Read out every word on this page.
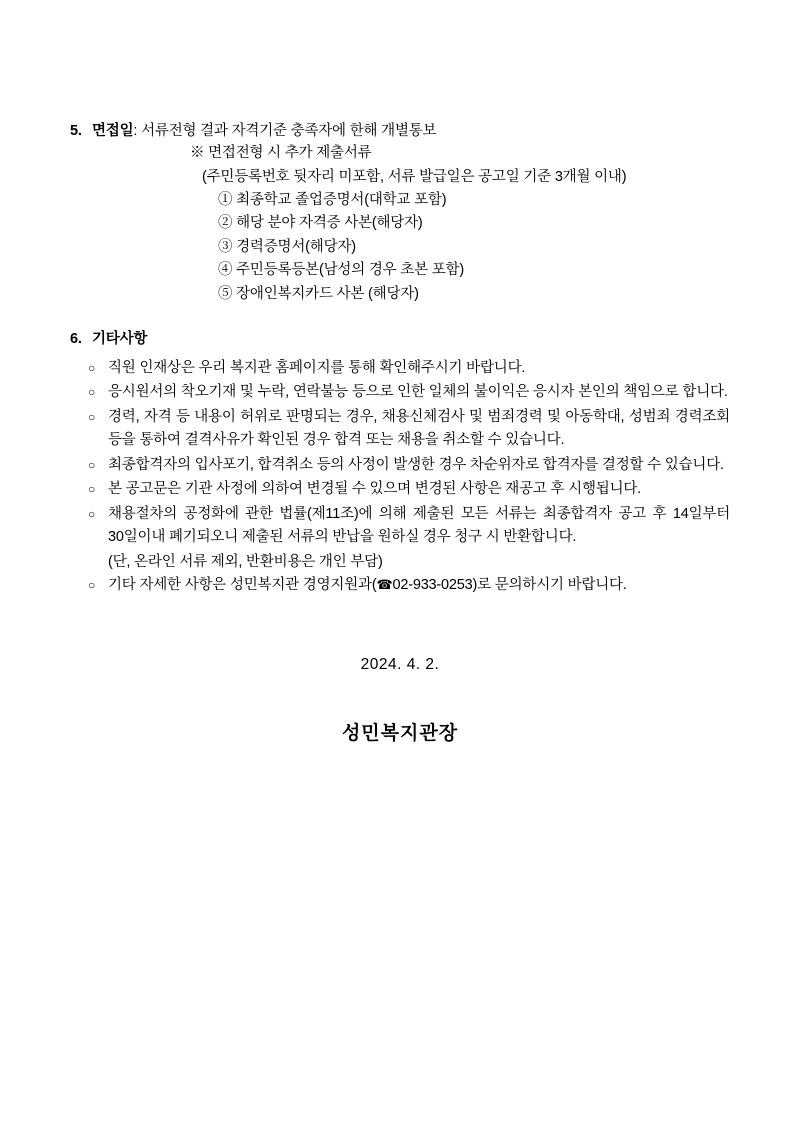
5. 면접일 : 서류전형 결과 자격기준 충족자에 한해 개별통보
※ 면접전형 시 추가 제출서류
(주민등록번호 뒷자리 미포함, 서류 발급일은 공고일 기준 3개월 이내)
① 최종학교 졸업증명서(대학교 포함)
② 해당 분야 자격증 사본(해당자)
③ 경력증명서(해당자)
④ 주민등록등본(남성의 경우 초본 포함)
⑤ 장애인복지카드 사본 (해당자)
6. 기타사항
○ 직원 인재상은 우리 복지관 홈페이지를 통해 확인해주시기 바랍니다.
○ 응시원서의 착오기재 및 누락, 연락불능 등으로 인한 일체의 불이익은 응시자 본인의 책임으로 합니다.
○ 경력, 자격 등 내용이 허위로 판명되는 경우, 채용신체검사 및 범죄경력 및 아동학대, 성범죄 경력조회 등을 통하여 결격사유가 확인된 경우 합격 또는 채용을 취소할 수 있습니다.
○ 최종합격자의 입사포기, 합격취소 등의 사정이 발생한 경우 차순위자로 합격자를 결정할 수 있습니다.
○ 본 공고문은 기관 사정에 의하여 변경될 수 있으며 변경된 사항은 재공고 후 시행됩니다.
○ 채용절차의 공정화에 관한 법률(제11조)에 의해 제출된 모든 서류는 최종합격자 공고 후 14일부터 30일이내 폐기되오니 제출된 서류의 반납을 원하실 경우 청구 시 반환합니다.
(단, 온라인 서류 제외, 반환비용은 개인 부담)
○ 기타 자세한 사항은 성민복지관 경영지원과(☎02-933-0253)로 문의하시기 바랍니다.
2024. 4. 2.
성민복지관장
